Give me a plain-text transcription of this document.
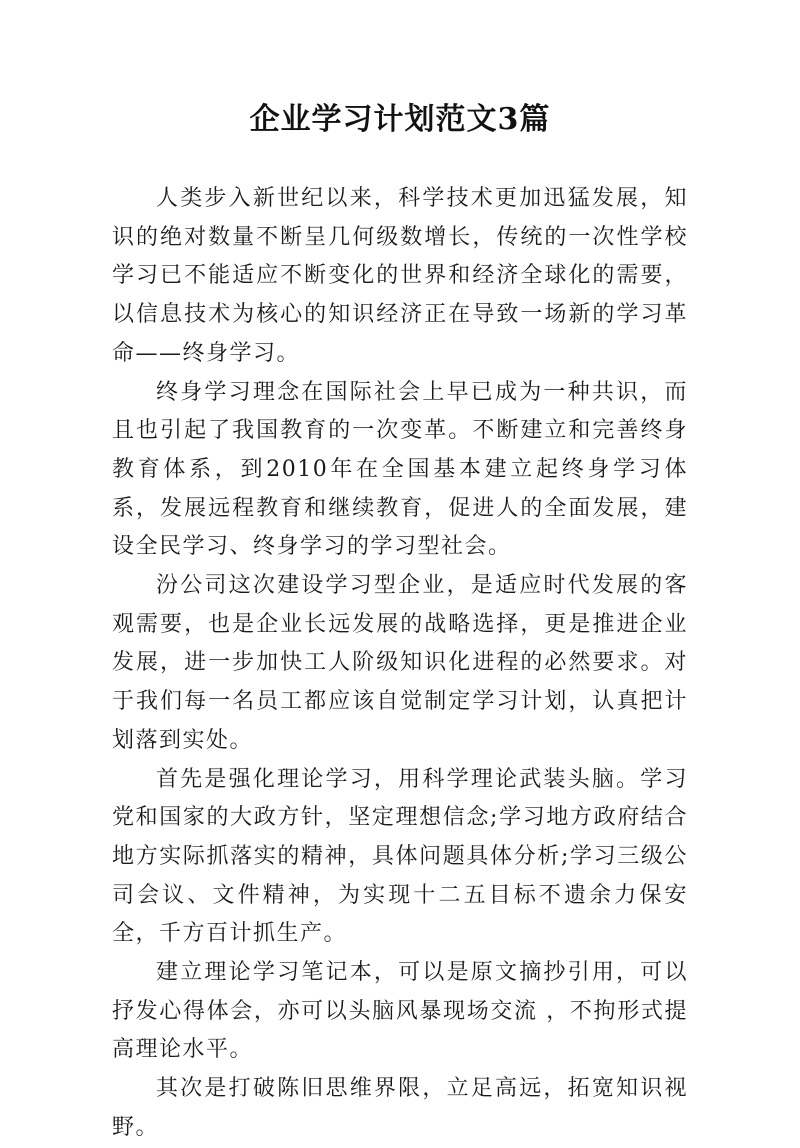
企业学习计划范文3篇

人类步入新世纪以来，科学技术更加迅猛发展，知识的绝对数量不断呈几何级数增长，传统的一次性学校学习已不能适应不断变化的世界和经济全球化的需要，以信息技术为核心的知识经济正在导致一场新的学习革命——终身学习。

终身学习理念在国际社会上早已成为一种共识，而且也引起了我国教育的一次变革。不断建立和完善终身教育体系，到2010年在全国基本建立起终身学习体系，发展远程教育和继续教育，促进人的全面发展，建设全民学习、终身学习的学习型社会。

汾公司这次建设学习型企业，是适应时代发展的客观需要，也是企业长远发展的战略选择，更是推进企业发展，进一步加快工人阶级知识化进程的必然要求。对于我们每一名员工都应该自觉制定学习计划，认真把计划落到实处。

首先是强化理论学习，用科学理论武装头脑。学习党和国家的大政方针，坚定理想信念;学习地方政府结合地方实际抓落实的精神，具体问题具体分析;学习三级公司会议、文件精神，为实现十二五目标不遗余力保安全，千方百计抓生产。

建立理论学习笔记本，可以是原文摘抄引用，可以抒发心得体会，亦可以头脑风暴现场交流 ，不拘形式提高理论水平。

其次是打破陈旧思维界限，立足高远，拓宽知识视野。
